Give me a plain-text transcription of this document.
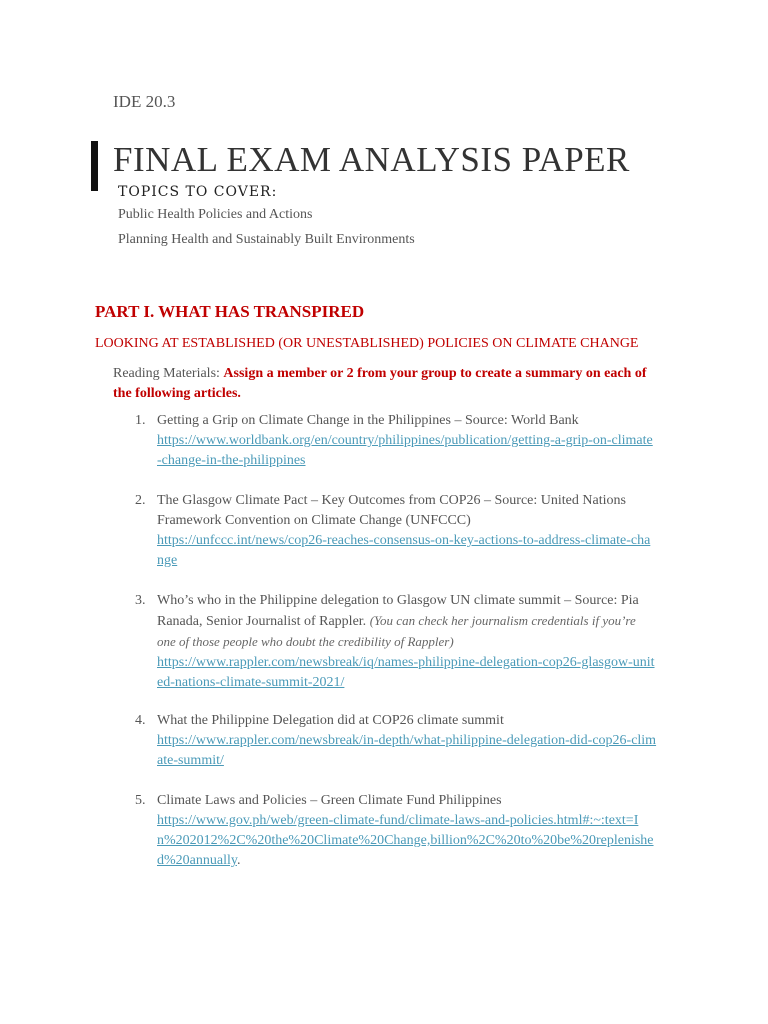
IDE 20.3
FINAL EXAM ANALYSIS PAPER
TOPICS TO COVER:
Public Health Policies and Actions
Planning Health and Sustainably Built Environments
PART I. WHAT HAS TRANSPIRED
LOOKING AT ESTABLISHED (OR UNESTABLISHED) POLICIES ON CLIMATE CHANGE
Reading Materials: Assign a member or 2 from your group to create a summary on each of the following articles.
1. Getting a Grip on Climate Change in the Philippines – Source: World Bank
https://www.worldbank.org/en/country/philippines/publication/getting-a-grip-on-climate-change-in-the-philippines
2. The Glasgow Climate Pact – Key Outcomes from COP26 – Source: United Nations Framework Convention on Climate Change (UNFCCC)
https://unfccc.int/news/cop26-reaches-consensus-on-key-actions-to-address-climate-change
3. Who’s who in the Philippine delegation to Glasgow UN climate summit – Source: Pia Ranada, Senior Journalist of Rappler. (You can check her journalism credentials if you’re one of those people who doubt the credibility of Rappler)
https://www.rappler.com/newsbreak/iq/names-philippine-delegation-cop26-glasgow-united-nations-climate-summit-2021/
4. What the Philippine Delegation did at COP26 climate summit
https://www.rappler.com/newsbreak/in-depth/what-philippine-delegation-did-cop26-climate-summit/
5. Climate Laws and Policies – Green Climate Fund Philippines
https://www.gov.ph/web/green-climate-fund/climate-laws-and-policies.html#:~:text=In%202012%2C%20the%20Climate%20Change,billion%2C%20to%20be%20replenished%20annually.
